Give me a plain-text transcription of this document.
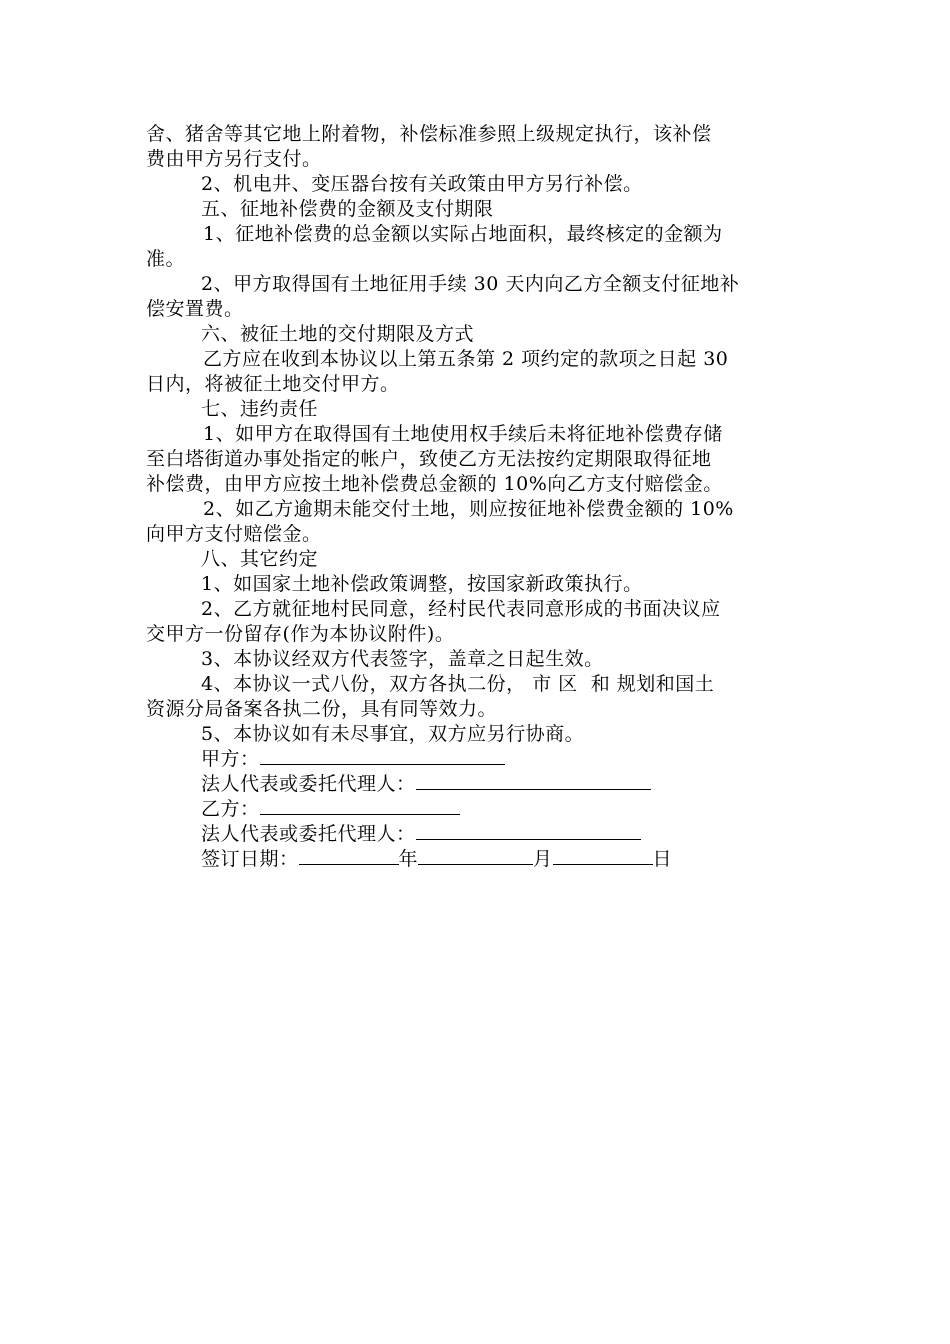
舍、猪舍等其它地上附着物，补偿标准参照上级规定执行，该补偿
费由甲方另行支付。
2、机电井、变压器台按有关政策由甲方另行补偿。
五、征地补偿费的金额及支付期限
1、征地补偿费的总金额以实际占地面积，最终核定的金额为
准。
2、甲方取得国有土地征用手续 30 天内向乙方全额支付征地补
偿安置费。
六、被征土地的交付期限及方式
乙方应在收到本协议以上第五条第 2 项约定的款项之日起 30
日内，将被征土地交付甲方。
七、违约责任
1、如甲方在取得国有土地使用权手续后未将征地补偿费存储
至白塔街道办事处指定的帐户，致使乙方无法按约定期限取得征地
补偿费，由甲方应按土地补偿费总金额的 10%向乙方支付赔偿金。
2、如乙方逾期未能交付土地，则应按征地补偿费金额的 10%
向甲方支付赔偿金。
八、其它约定
1、如国家土地补偿政策调整，按国家新政策执行。
2、乙方就征地村民同意，经村民代表同意形成的书面决议应
交甲方一份留存(作为本协议附件)。
3、本协议经双方代表签字，盖章之日起生效。
4、本协议一式八份，双方各执二份， 市 区  和 规划和国土
资源分局备案各执二份，具有同等效力。
5、本协议如有未尽事宜，双方应另行协商。
甲方：
法人代表或委托代理人：
乙方：
法人代表或委托代理人：
签订日期：	年	月	日
